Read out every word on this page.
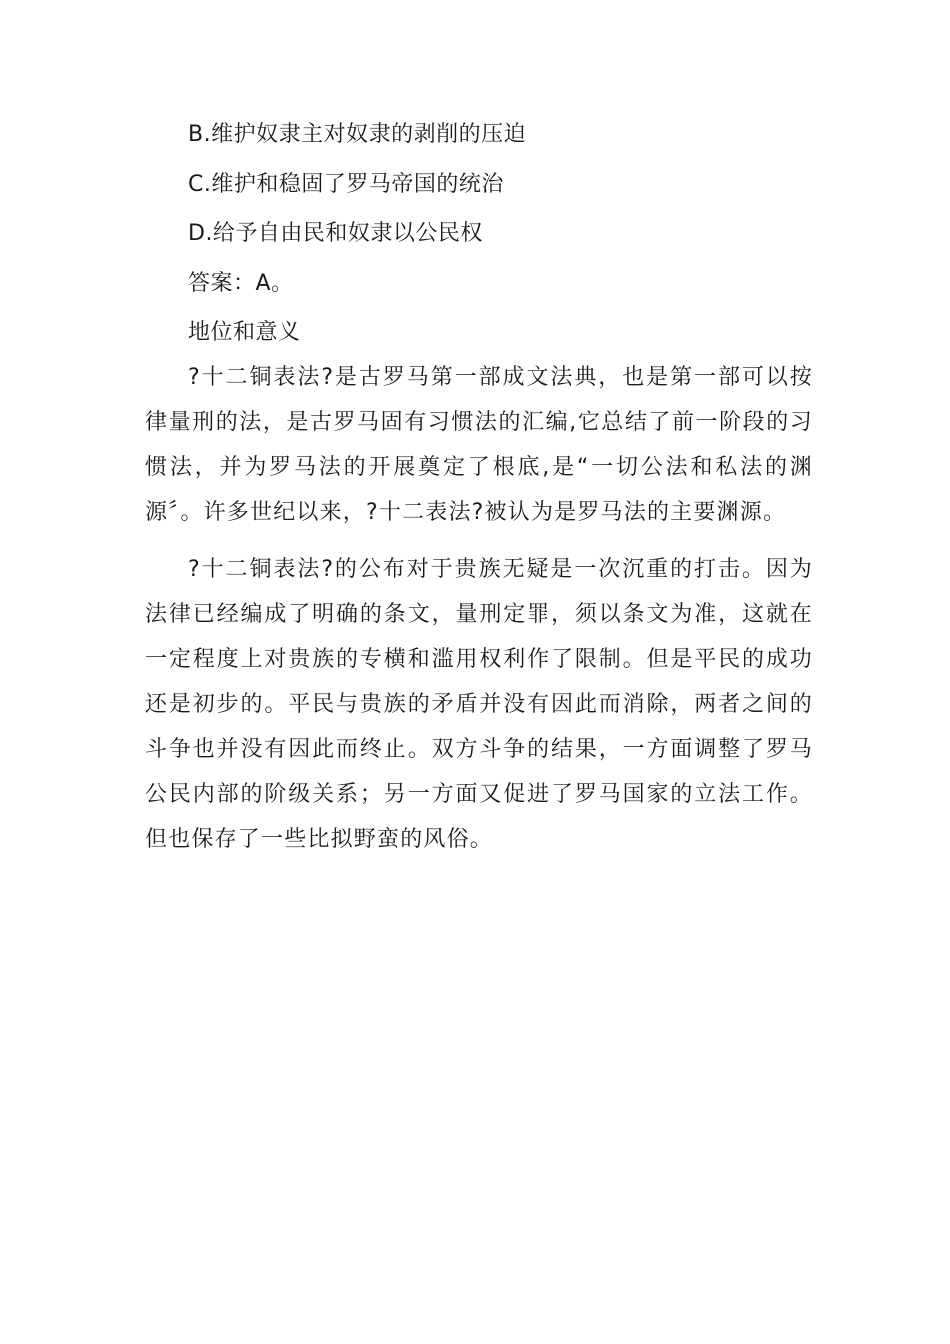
B.维护奴隶主对奴隶的剥削的压迫
C.维护和稳固了罗马帝国的统治
D.给予自由民和奴隶以公民权
答案：A。
地位和意义
?十二铜表法?是古罗马第一部成文法典，也是第一部可以按律量刑的法，是古罗马固有习惯法的汇编,它总结了前一阶段的习惯法，并为罗马法的开展奠定了根底,是“一切公法和私法的渊源〞。许多世纪以来，?十二表法?被认为是罗马法的主要渊源。
?十二铜表法?的公布对于贵族无疑是一次沉重的打击。因为法律已经编成了明确的条文，量刑定罪，须以条文为准，这就在一定程度上对贵族的专横和滥用权利作了限制。但是平民的成功还是初步的。平民与贵族的矛盾并没有因此而消除，两者之间的斗争也并没有因此而终止。双方斗争的结果，一方面调整了罗马公民内部的阶级关系；另一方面又促进了罗马国家的立法工作。但也保存了一些比拟野蛮的风俗。
